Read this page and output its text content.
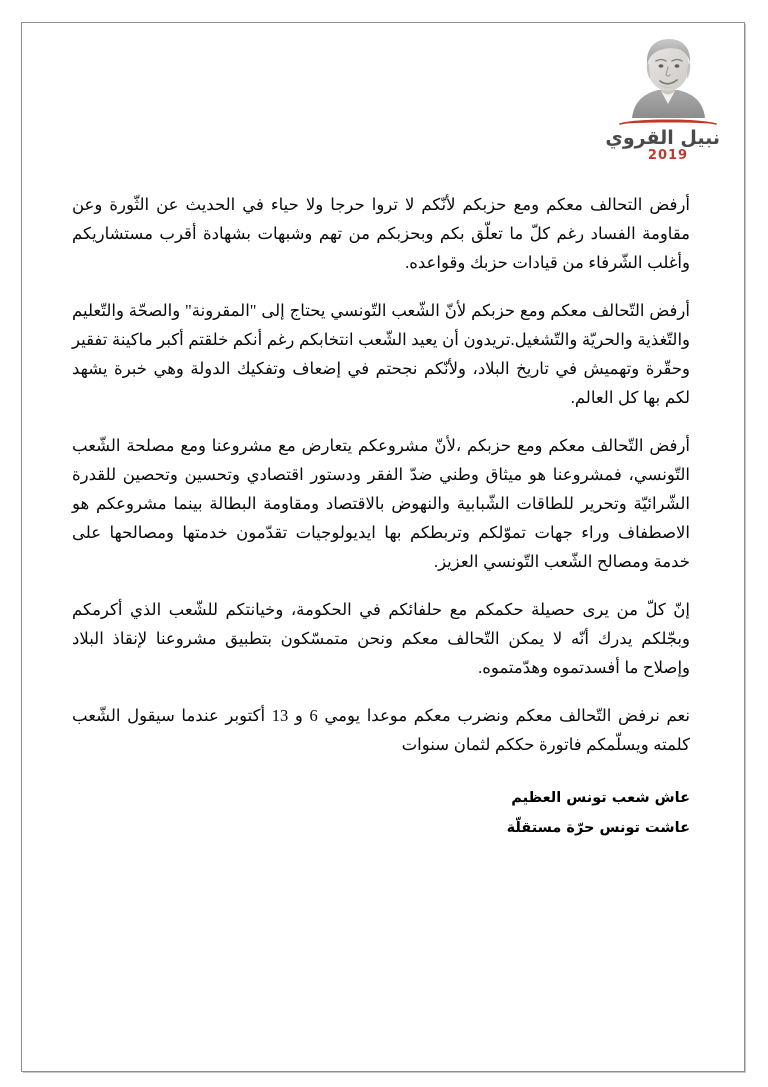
نبيل القروي
2019

أرفض التحالف معكم ومع حزبكم لأنّكم لا تروا حرجا ولا حياء في الحديث عن الثّورة وعن مقاومة الفساد رغم كلّ ما تعلّق بكم وبحزبكم من تهم وشبهات بشهادة أقرب مستشاريكم وأغلب الشّرفاء من قيادات حزبك وقواعده.

أرفض التّحالف معكم ومع حزبكم لأنّ الشّعب التّونسي يحتاج إلى "المقرونة" والصحّة والتّعليم والتّغذية والحريّة والتّشغيل.تريدون أن يعيد الشّعب انتخابكم رغم أنكم خلقتم أكبر ماكينة تفقير وحقّرة وتهميش في تاريخ البلاد، ولأنّكم نجحتم في إضعاف وتفكيك الدولة وهي خبرة يشهد لكم بها كل العالم.

أرفض التّحالف معكم ومع حزبكم ،لأنّ مشروعكم يتعارض مع مشروعنا ومع مصلحة الشّعب التّونسي، فمشروعنا هو ميثاق وطني ضدّ الفقر ودستور اقتصادي وتحسين وتحصين للقدرة الشّرائيّة وتحرير للطاقات الشّبابية والنهوض بالاقتصاد ومقاومة البطالة بينما مشروعكم هو الاصطفاف وراء جهات تموّلكم وتربطكم بها ايديولوجيات تقدّمون خدمتها ومصالحها على خدمة ومصالح الشّعب التّونسي العزيز.

إنّ كلّ من يرى حصيلة حكمكم مع حلفائكم في الحكومة، وخيانتكم للشّعب الذي أكرمكم وبجّلكم يدرك أنّه لا يمكن التّحالف معكم ونحن متمسّكون بتطبيق مشروعنا لإنقاذ البلاد وإصلاح ما أفسدتموه وهدّمتموه.

نعم نرفض التّحالف معكم ونضرب معكم موعدا يومي 6 و 13 أكتوبر عندما سيقول الشّعب كلمته ويسلّمكم فاتورة حككم لثمان سنوات

عاش شعب تونس العظيم
عاشت تونس حرّة مستقلّة
